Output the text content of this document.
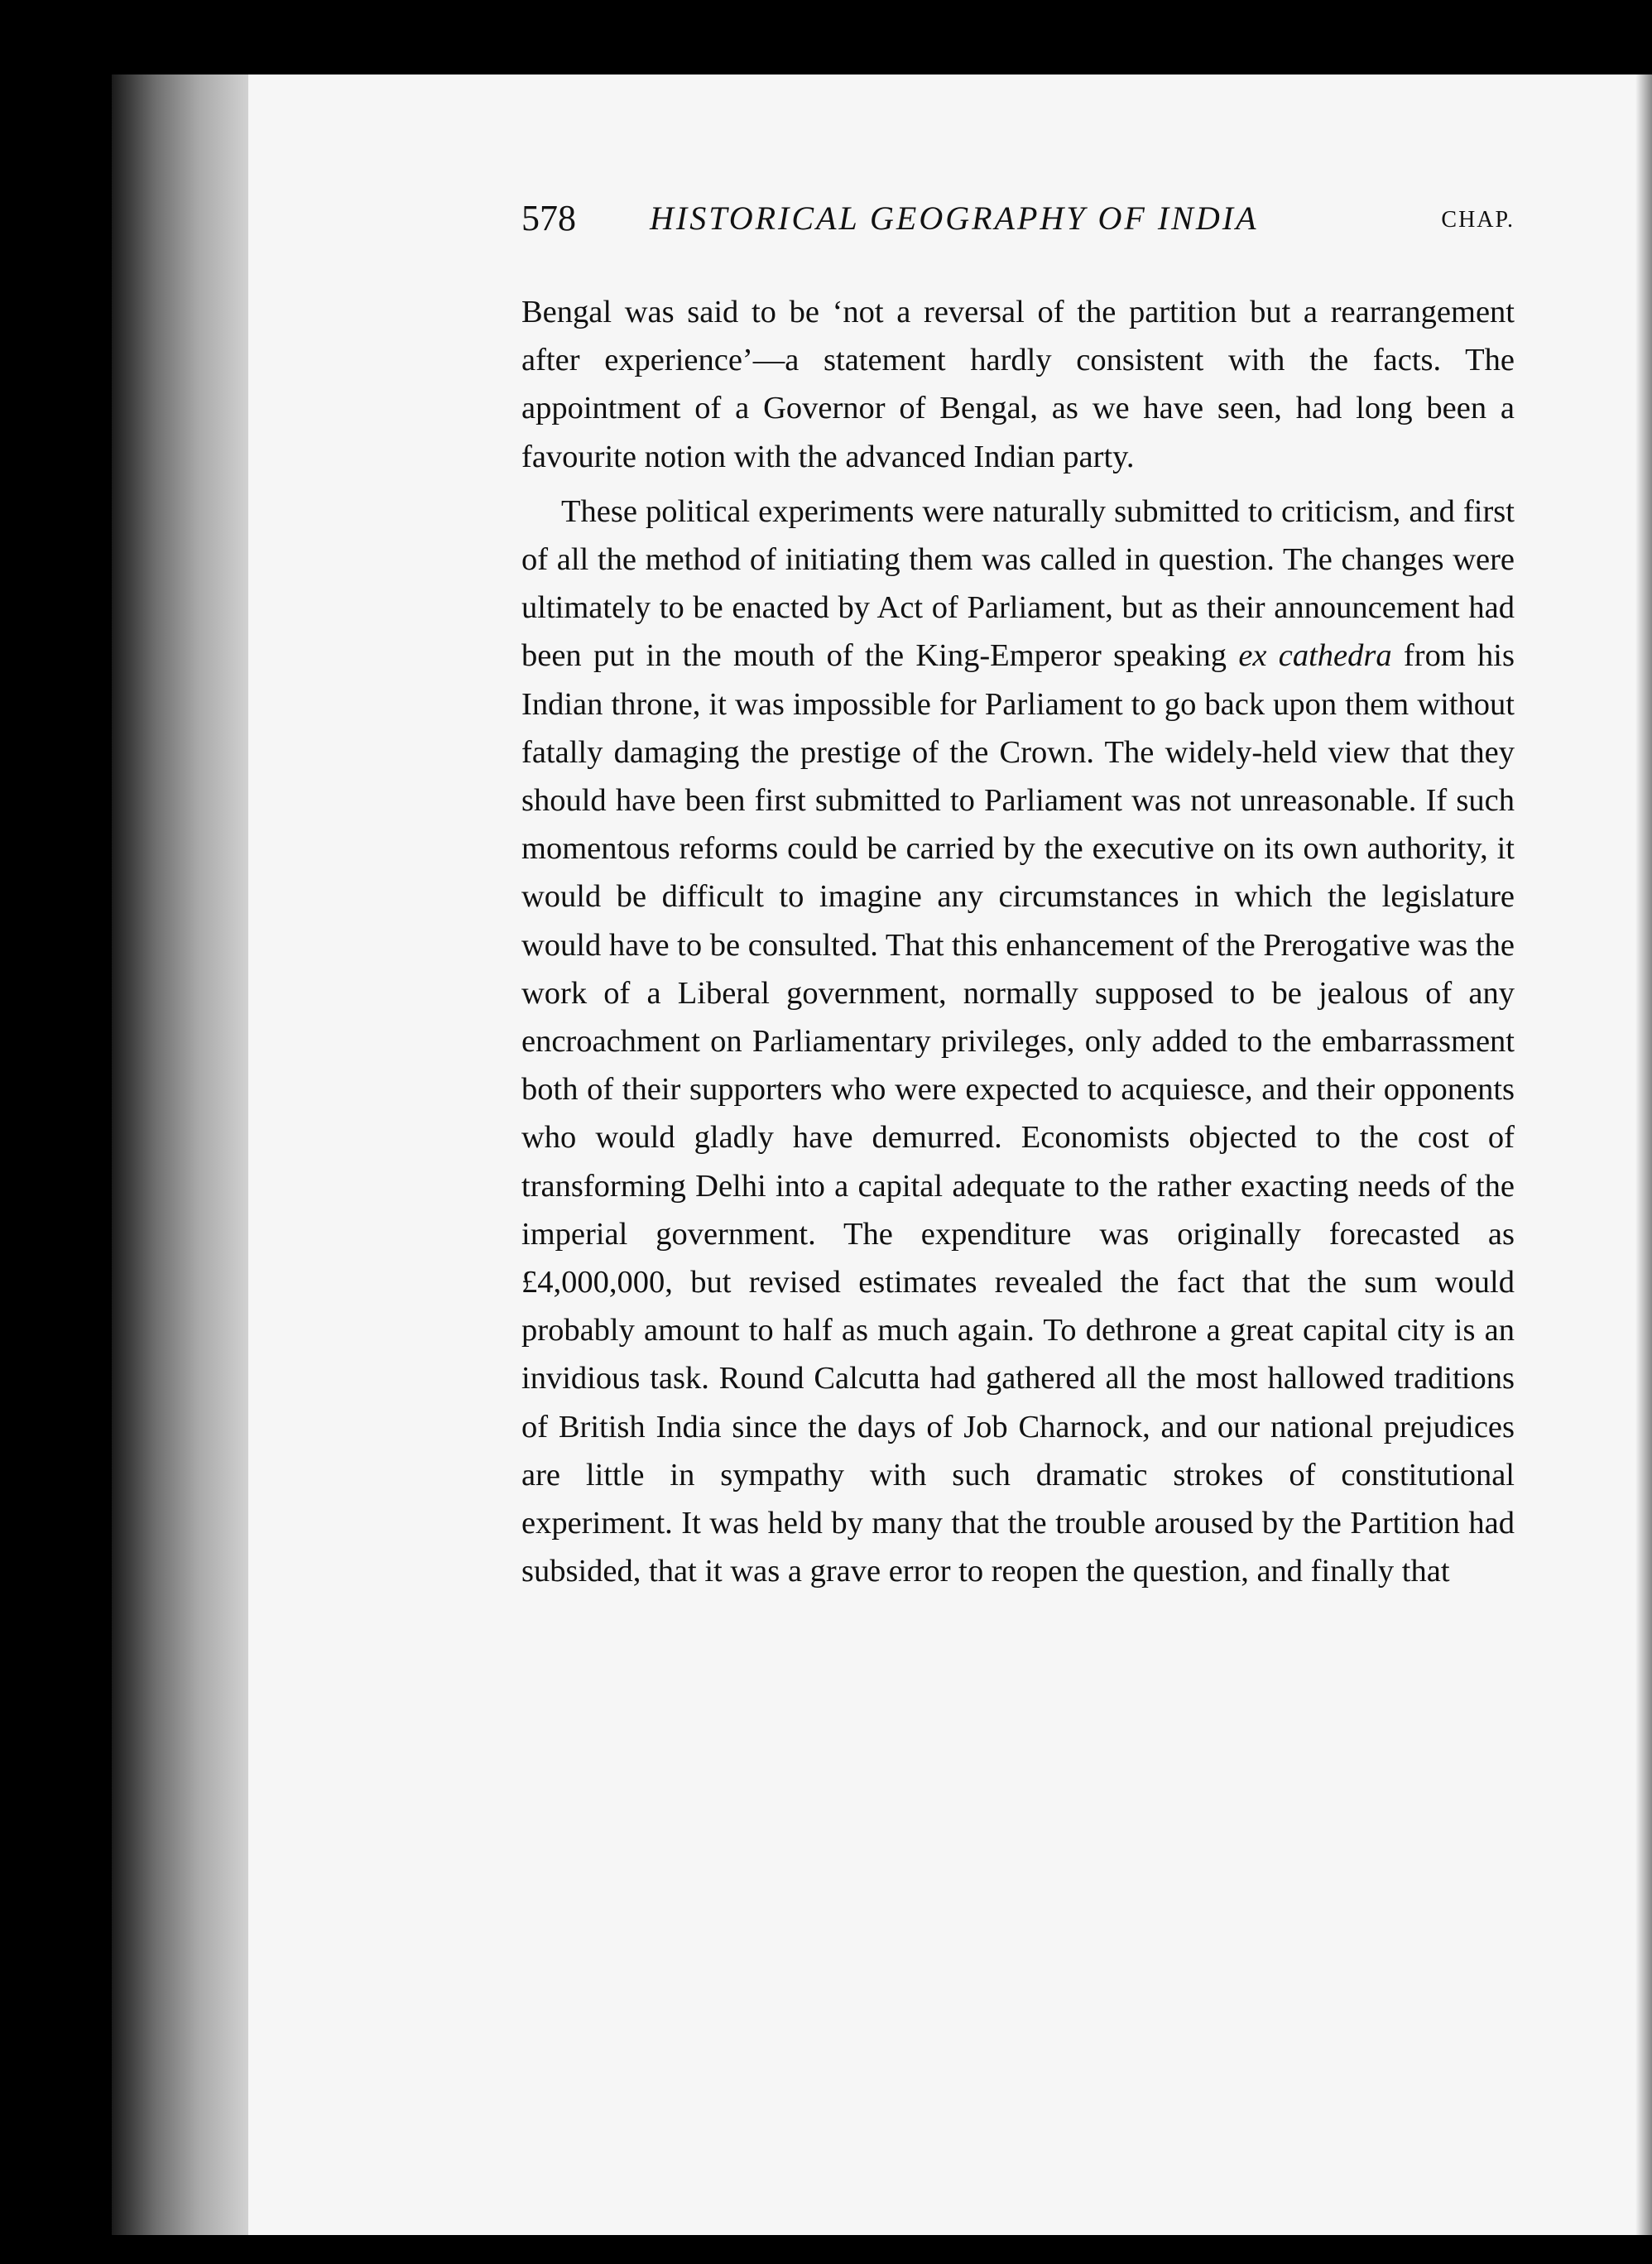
578 HISTORICAL GEOGRAPHY OF INDIA	CHAP.

Bengal was said to be ‘not a reversal of the partition but a rearrangement after experience’—a statement hardly consistent with the facts. The appointment of a Governor of Bengal, as we have seen, had long been a favourite notion with the advanced Indian party.

These political experiments were naturally submitted to criticism, and first of all the method of initiating them was called in question. The changes were ultimately to be enacted by Act of Parliament, but as their announcement had been put in the mouth of the King-Emperor speaking ex cathedra from his Indian throne, it was impossible for Parliament to go back upon them without fatally damaging the prestige of the Crown. The widely-held view that they should have been first submitted to Parliament was not unreasonable. If such momentous reforms could be carried by the executive on its own authority, it would be difficult to imagine any circumstances in which the legislature would have to be consulted. That this enhancement of the Prerogative was the work of a Liberal government, normally supposed to be jealous of any encroachment on Parliamentary privileges, only added to the embarrassment both of their supporters who were expected to acquiesce, and their opponents who would gladly have demurred. Economists objected to the cost of transforming Delhi into a capital adequate to the rather exacting needs of the imperial government. The expenditure was originally forecasted as £4,000,000, but revised estimates revealed the fact that the sum would probably amount to half as much again. To dethrone a great capital city is an invidious task. Round Calcutta had gathered all the most hallowed traditions of British India since the days of Job Charnock, and our national prejudices are little in sympathy with such dramatic strokes of constitutional experiment. It was held by many that the trouble aroused by the Partition had subsided, that it was a grave error to reopen the question, and finally that
